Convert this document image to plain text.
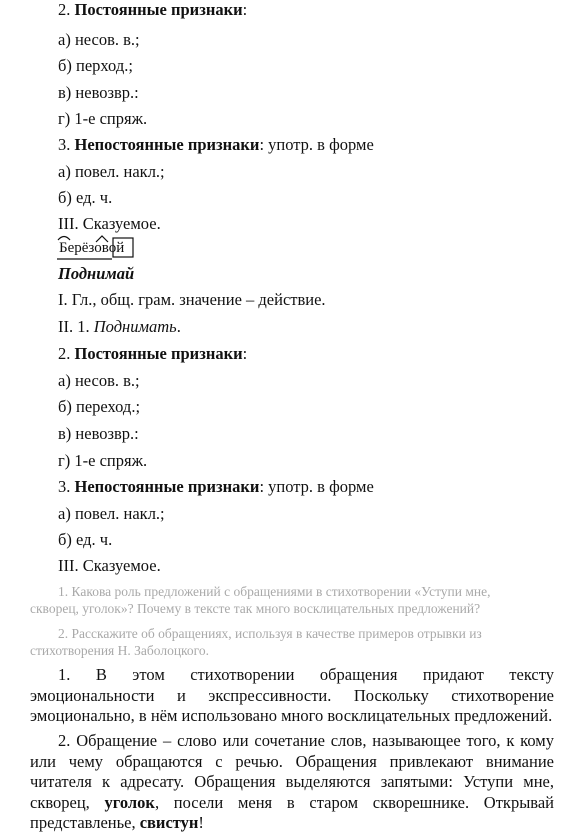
2. Постоянные признаки:
а) несов. в.;
б) перход.;
в) невозвр.:
г) 1-е спряж.
3. Непостоянные признаки: употр. в форме
а) повел. накл.;
б) ед. ч.
III. Сказуемое.
Берёзовой
Поднимай
I. Гл., общ. грам. значение – действие.
II. 1. Поднимать.
2. Постоянные признаки:
а) несов. в.;
б) переход.;
в) невозвр.:
г) 1-е спряж.
3. Непостоянные признаки: употр. в форме
а) повел. накл.;
б) ед. ч.
III. Сказуемое.
1. Какова роль предложений с обращениями в стихотворении «Уступи мне, скворец, уголок»? Почему в тексте так много восклицательных предложений?
2. Расскажите об обращениях, используя в качестве примеров отрывки из стихотворения Н. Заболоцкого.
1. В этом стихотворении обращения придают тексту эмоциональности и экспрессивности. Поскольку стихотворение эмоционально, в нём использовано много восклицательных предложений.
2. Обращение – слово или сочетание слов, называющее того, к кому или чему обращаются с речью. Обращения привлекают внимание читателя к адресату. Обращения выделяются запятыми: Уступи мне, скворец, уголок, посели меня в старом скворешнике. Открывай представленье, свистун!
